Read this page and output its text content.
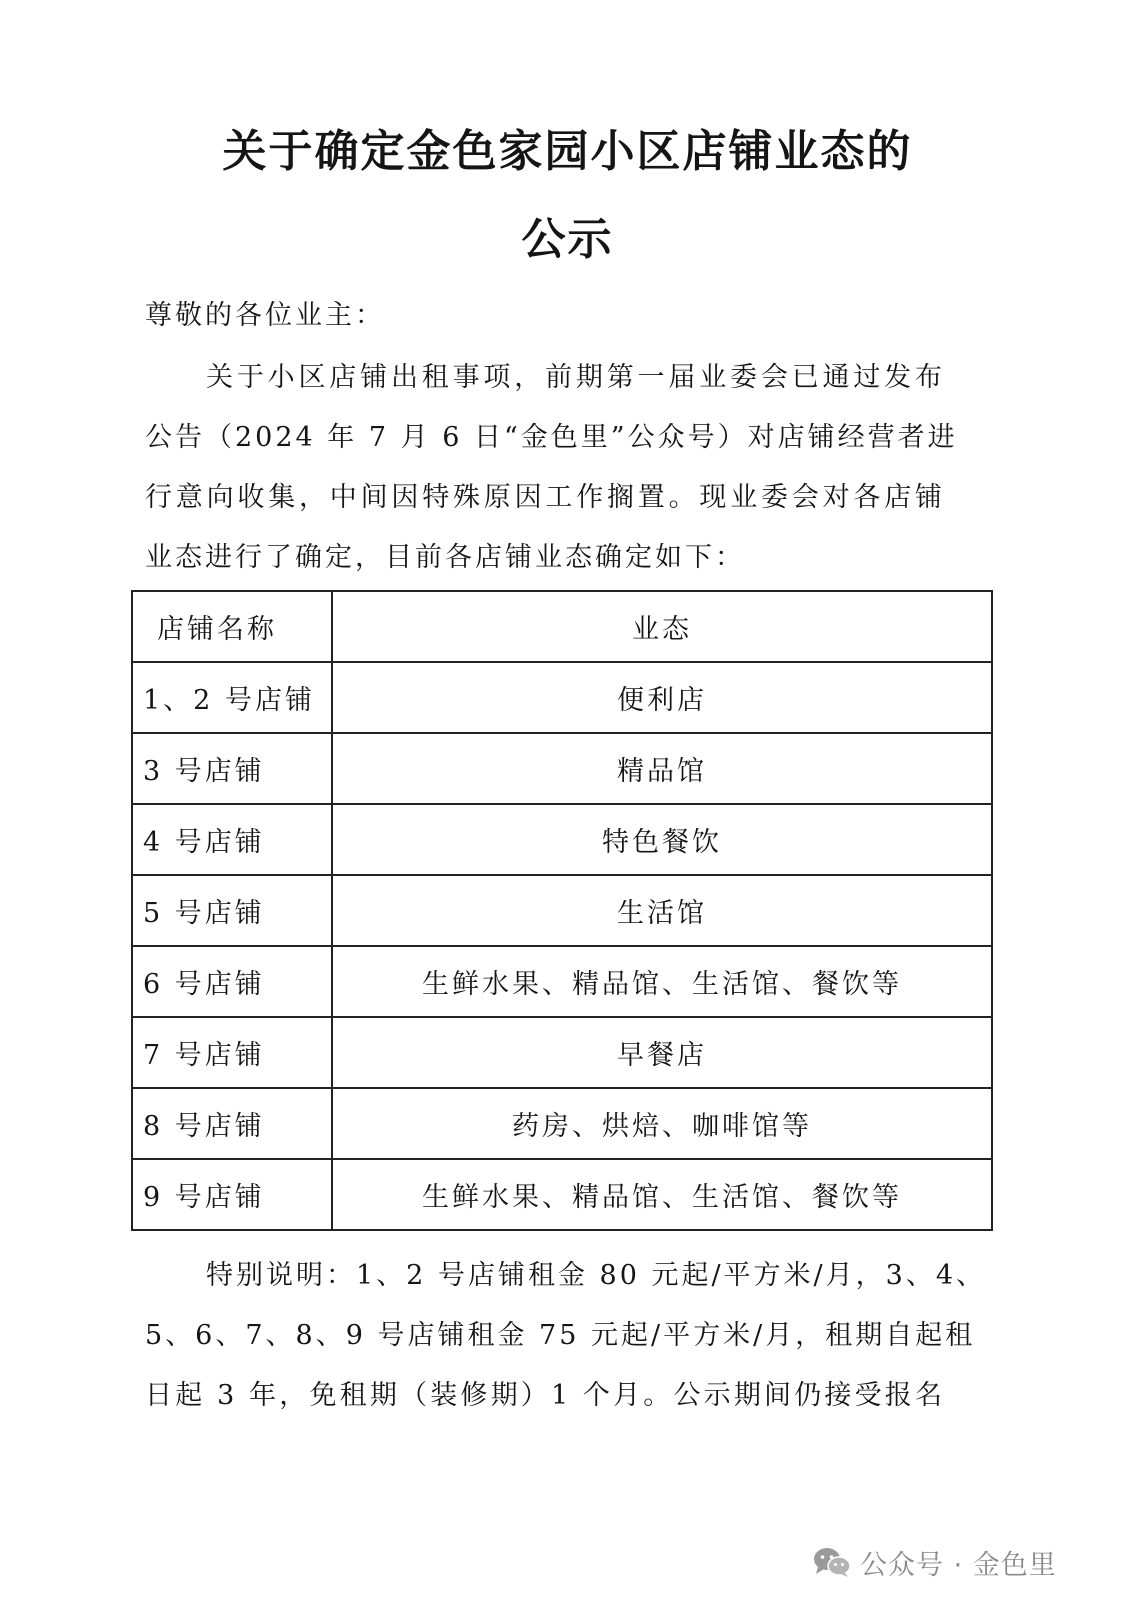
关于确定金色家园小区店铺业态的
公示
尊敬的各位业主：
关于小区店铺出租事项，前期第一届业委会已通过发布
公告（2024 年 7 月 6 日“金色里”公众号）对店铺经营者进
行意向收集，中间因特殊原因工作搁置。现业委会对各店铺
业态进行了确定，目前各店铺业态确定如下：
店铺名称	业态
1、2 号店铺	便利店
3 号店铺	精品馆
4 号店铺	特色餐饮
5 号店铺	生活馆
6 号店铺	生鲜水果、精品馆、生活馆、餐饮等
7 号店铺	早餐店
8 号店铺	药房、烘焙、咖啡馆等
9 号店铺	生鲜水果、精品馆、生活馆、餐饮等
特别说明：1、2 号店铺租金 80 元起/平方米/月，3、4、
5、6、7、8、9 号店铺租金 75 元起/平方米/月，租期自起租
日起 3 年，免租期（装修期）1 个月。公示期间仍接受报名
公众号 · 金色里
